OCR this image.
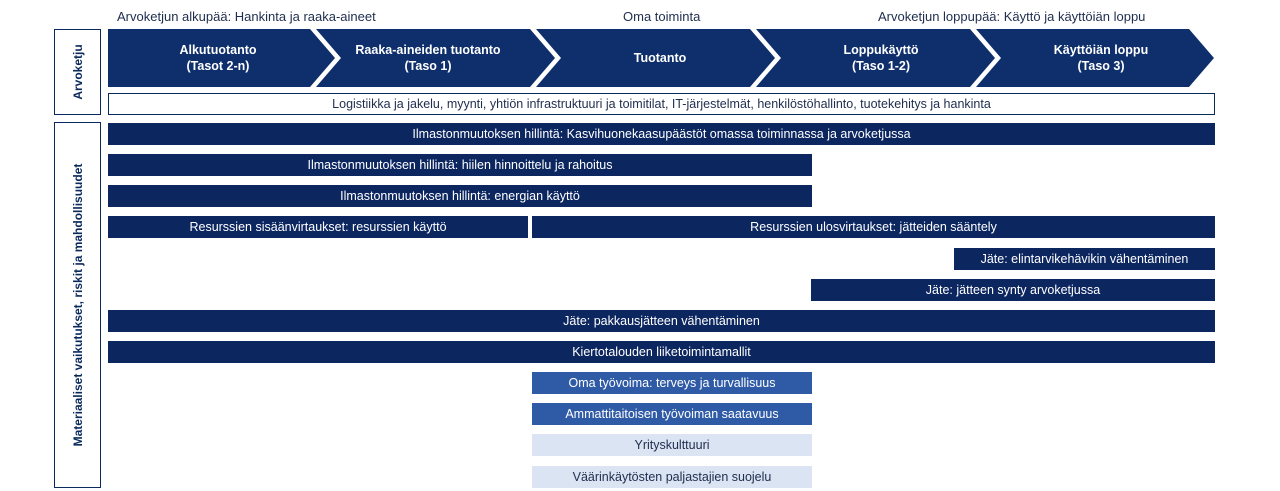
Arvoketjun alkupää: Hankinta ja raaka-aineet	Oma toiminta	Arvoketjun loppupää: Käyttö ja käyttöiän loppu
Arvoketju
Materiaaliset vaikutukset, riskit ja mahdollisuudet
Alkutuotanto
(Tasot 2-n)
Raaka-aineiden tuotanto
(Taso 1)
Tuotanto
Loppukäyttö
(Taso 1-2)
Käyttöiän loppu
(Taso 3)
Logistiikka ja jakelu, myynti, yhtiön infrastruktuuri ja toimitilat, IT-järjestelmät, henkilöstöhallinto, tuotekehitys ja hankinta
Ilmastonmuutoksen hillintä: Kasvihuonekaasupäästöt omassa toiminnassa ja arvoketjussa
Ilmastonmuutoksen hillintä: hiilen hinnoittelu ja rahoitus
Ilmastonmuutoksen hillintä: energian käyttö
Resurssien sisäänvirtaukset: resurssien käyttö	Resurssien ulosvirtaukset: jätteiden sääntely
Jäte: elintarvikehävikin vähentäminen
Jäte: jätteen synty arvoketjussa
Jäte: pakkausjätteen vähentäminen
Kiertotalouden liiketoimintamallit
Oma työvoima: terveys ja turvallisuus
Ammattitaitoisen työvoiman saatavuus
Yrityskulttuuri
Väärinkäytösten paljastajien suojelu
